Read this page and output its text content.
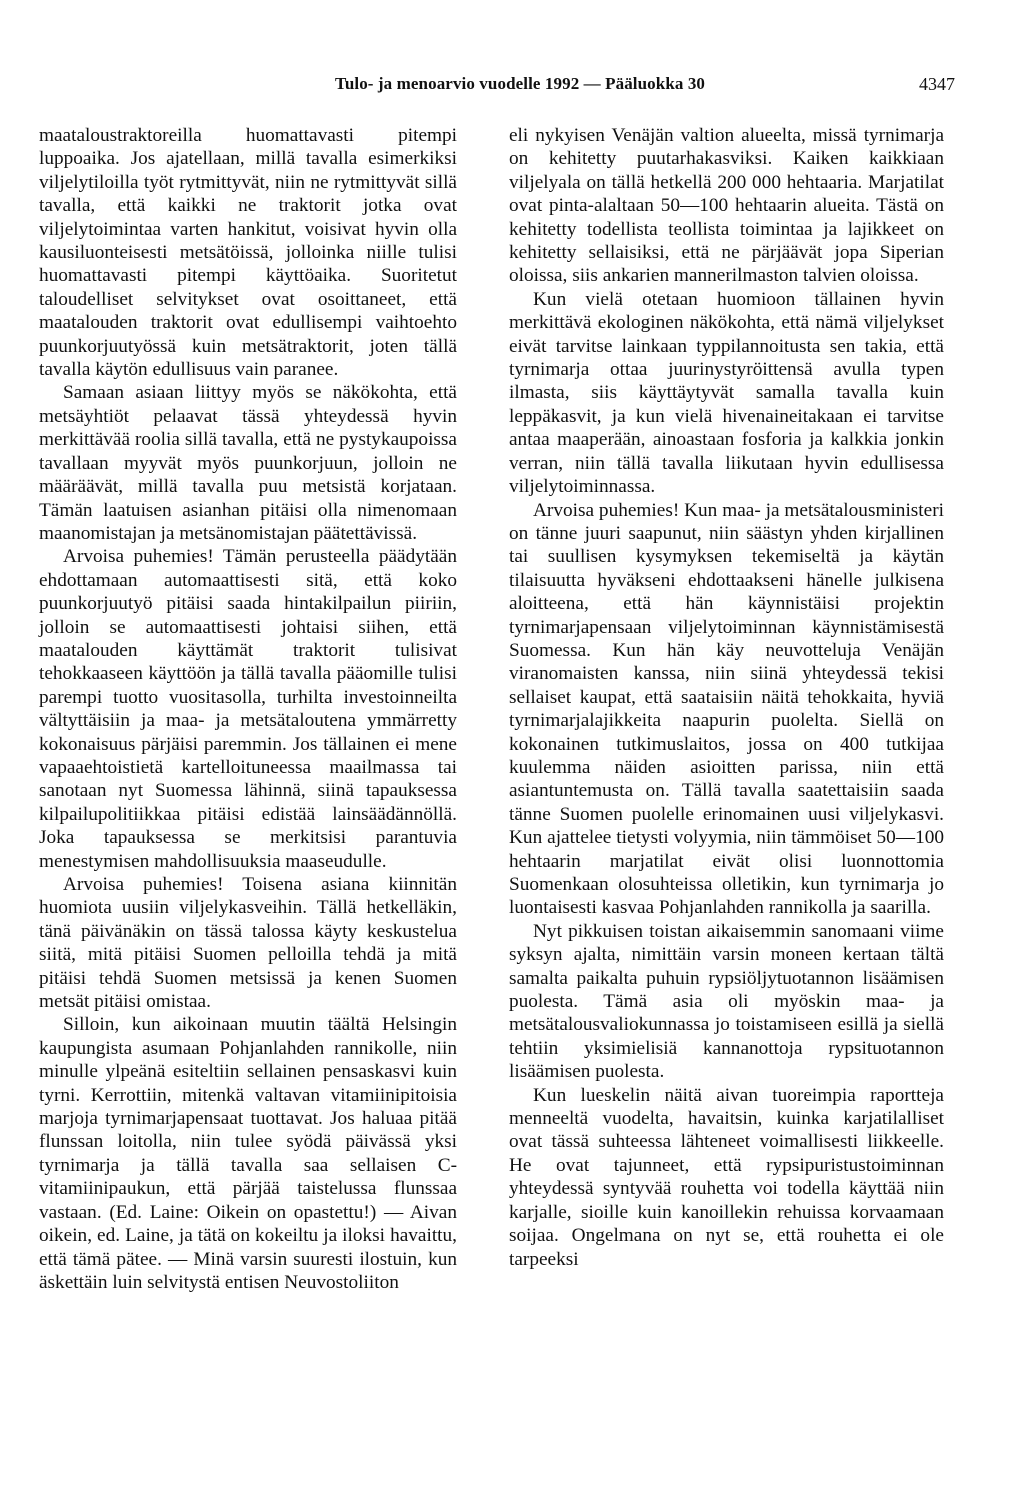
Tulo- ja menoarvio vuodelle 1992 — Pääluokka 30	4347

maataloustraktoreilla huomattavasti pitempi luppoaika. Jos ajatellaan, millä tavalla esimerkiksi viljelytiloilla työt rytmittyvät, niin ne rytmittyvät sillä tavalla, että kaikki ne traktorit jotka ovat viljelytoimintaa varten hankitut, voisivat hyvin olla kausiluonteisesti metsätöissä, jolloinka niille tulisi huomattavasti pitempi käyttöaika. Suoritetut taloudelliset selvitykset ovat osoittaneet, että maatalouden traktorit ovat edullisempi vaihtoehto puunkorjuutyössä kuin metsätraktorit, joten tällä tavalla käytön edullisuus vain paranee.

Samaan asiaan liittyy myös se näkökohta, että metsäyhtiöt pelaavat tässä yhteydessä hyvin merkittävää roolia sillä tavalla, että ne pystykaupoissa tavallaan myyvät myös puunkorjuun, jolloin ne määräävät, millä tavalla puu metsistä korjataan. Tämän laatuisen asianhan pitäisi olla nimenomaan maanomistajan ja metsänomistajan päätettävissä.

Arvoisa puhemies! Tämän perusteella päädytään ehdottamaan automaattisesti sitä, että koko puunkorjuutyö pitäisi saada hintakilpailun piiriin, jolloin se automaattisesti johtaisi siihen, että maatalouden käyttämät traktorit tulisivat tehokkaaseen käyttöön ja tällä tavalla pääomille tulisi parempi tuotto vuositasolla, turhilta investoinneilta vältyttäisiin ja maa- ja metsätaloutena ymmärretty kokonaisuus pärjäisi paremmin. Jos tällainen ei mene vapaaehtoistietä kartelloituneessa maailmassa tai sanotaan nyt Suomessa lähinnä, siinä tapauksessa kilpailupolitiikkaa pitäisi edistää lainsäädännöllä. Joka tapauksessa se merkitsisi parantuvia menestymisen mahdollisuuksia maaseudulle.

Arvoisa puhemies! Toisena asiana kiinnitän huomiota uusiin viljelykasveihin. Tällä hetkelläkin, tänä päivänäkin on tässä talossa käyty keskustelua siitä, mitä pitäisi Suomen pelloilla tehdä ja mitä pitäisi tehdä Suomen metsissä ja kenen Suomen metsät pitäisi omistaa.

Silloin, kun aikoinaan muutin täältä Helsingin kaupungista asumaan Pohjanlahden rannikolle, niin minulle ylpeänä esiteltiin sellainen pensaskasvi kuin tyrni. Kerrottiin, mitenkä valtavan vitamiinipitoisia marjoja tyrnimarjapensaat tuottavat. Jos haluaa pitää flunssan loitolla, niin tulee syödä päivässä yksi tyrnimarja ja tällä tavalla saa sellaisen C-vitamiinipaukun, että pärjää taistelussa flunssaa vastaan. (Ed. Laine: Oikein on opastettu!) — Aivan oikein, ed. Laine, ja tätä on kokeiltu ja iloksi havaittu, että tämä pätee. — Minä varsin suuresti ilostuin, kun äskettäin luin selvitystä entisen Neuvostoliiton

eli nykyisen Venäjän valtion alueelta, missä tyrnimarja on kehitetty puutarhakasviksi. Kaiken kaikkiaan viljelyala on tällä hetkellä 200 000 hehtaaria. Marjatilat ovat pinta-alaltaan 50—100 hehtaarin alueita. Tästä on kehitetty todellista teollista toimintaa ja lajikkeet on kehitetty sellaisiksi, että ne pärjäävät jopa Siperian oloissa, siis ankarien mannerilmaston talvien oloissa.

Kun vielä otetaan huomioon tällainen hyvin merkittävä ekologinen näkökohta, että nämä viljelykset eivät tarvitse lainkaan typpilannoitusta sen takia, että tyrnimarja ottaa juurinystyröittensä avulla typen ilmasta, siis käyttäytyvät samalla tavalla kuin leppäkasvit, ja kun vielä hivenaineitakaan ei tarvitse antaa maaperään, ainoastaan fosforia ja kalkkia jonkin verran, niin tällä tavalla liikutaan hyvin edullisessa viljelytoiminnassa.

Arvoisa puhemies! Kun maa- ja metsätalousministeri on tänne juuri saapunut, niin säästyn yhden kirjallinen tai suullisen kysymyksen tekemiseltä ja käytän tilaisuutta hyväkseni ehdottaakseni hänelle julkisena aloitteena, että hän käynnistäisi projektin tyrnimarjapensaan viljelytoiminnan käynnistämisestä Suomessa. Kun hän käy neuvotteluja Venäjän viranomaisten kanssa, niin siinä yhteydessä tekisi sellaiset kaupat, että saataisiin näitä tehokkaita, hyviä tyrnimarjalajikkeita naapurin puolelta. Siellä on kokonainen tutkimuslaitos, jossa on 400 tutkijaa kuulemma näiden asioitten parissa, niin että asiantuntemusta on. Tällä tavalla saatettaisiin saada tänne Suomen puolelle erinomainen uusi viljelykasvi. Kun ajattelee tietysti volyymia, niin tämmöiset 50—100 hehtaarin marjatilat eivät olisi luonnottomia Suomenkaan olosuhteissa olletikin, kun tyrnimarja jo luontaisesti kasvaa Pohjanlahden rannikolla ja saarilla.

Nyt pikkuisen toistan aikaisemmin sanomaani viime syksyn ajalta, nimittäin varsin moneen kertaan tältä samalta paikalta puhuin rypsiöljytuotannon lisäämisen puolesta. Tämä asia oli myöskin maa- ja metsätalousvaliokunnassa jo toistamiseen esillä ja siellä tehtiin yksimielisiä kannanottoja rypsituotannon lisäämisen puolesta.

Kun lueskelin näitä aivan tuoreimpia raportteja menneeltä vuodelta, havaitsin, kuinka karjatilalliset ovat tässä suhteessa lähteneet voimallisesti liikkeelle. He ovat tajunneet, että rypsipuristustoiminnan yhteydessä syntyvää rouhetta voi todella käyttää niin karjalle, sioille kuin kanoillekin rehuissa korvaamaan soijaa. Ongelmana on nyt se, että rouhetta ei ole tarpeeksi
